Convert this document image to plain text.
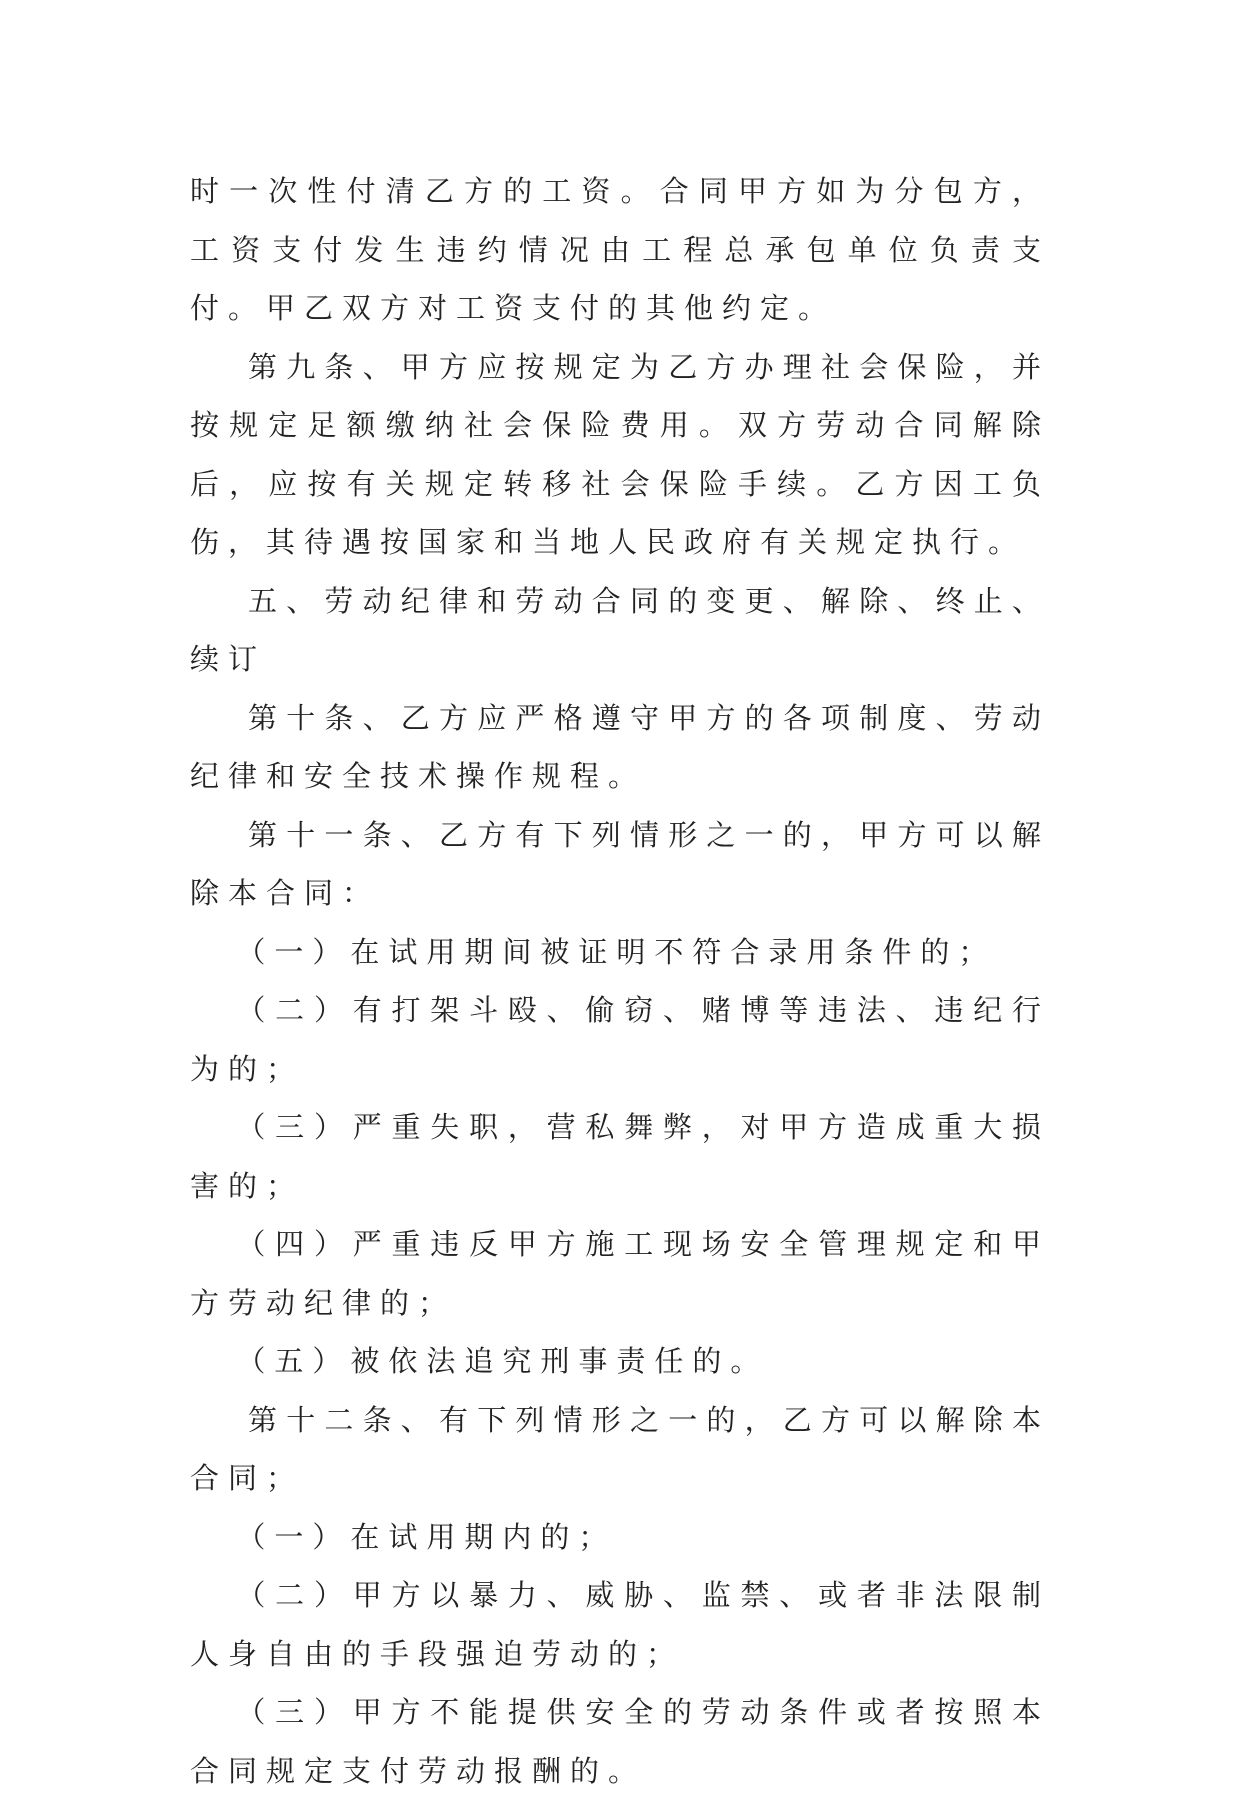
时一次性付清乙方的工资。合同甲方如为分包方，工资支付发生违约情况由工程总承包单位负责支付。甲乙双方对工资支付的其他约定。

第九条、甲方应按规定为乙方办理社会保险，并按规定足额缴纳社会保险费用。双方劳动合同解除后，应按有关规定转移社会保险手续。乙方因工负伤，其待遇按国家和当地人民政府有关规定执行。

五、劳动纪律和劳动合同的变更、解除、终止、续订

第十条、乙方应严格遵守甲方的各项制度、劳动纪律和安全技术操作规程。

第十一条、乙方有下列情形之一的，甲方可以解除本合同：

（一）在试用期间被证明不符合录用条件的；

（二）有打架斗殴、偷窃、赌博等违法、违纪行为的；

（三）严重失职，营私舞弊，对甲方造成重大损害的；

（四）严重违反甲方施工现场安全管理规定和甲方劳动纪律的；

（五）被依法追究刑事责任的。

第十二条、有下列情形之一的，乙方可以解除本合同；

（一）在试用期内的；

（二）甲方以暴力、威胁、监禁、或者非法限制人身自由的手段强迫劳动的；

（三）甲方不能提供安全的劳动条件或者按照本合同规定支付劳动报酬的。
